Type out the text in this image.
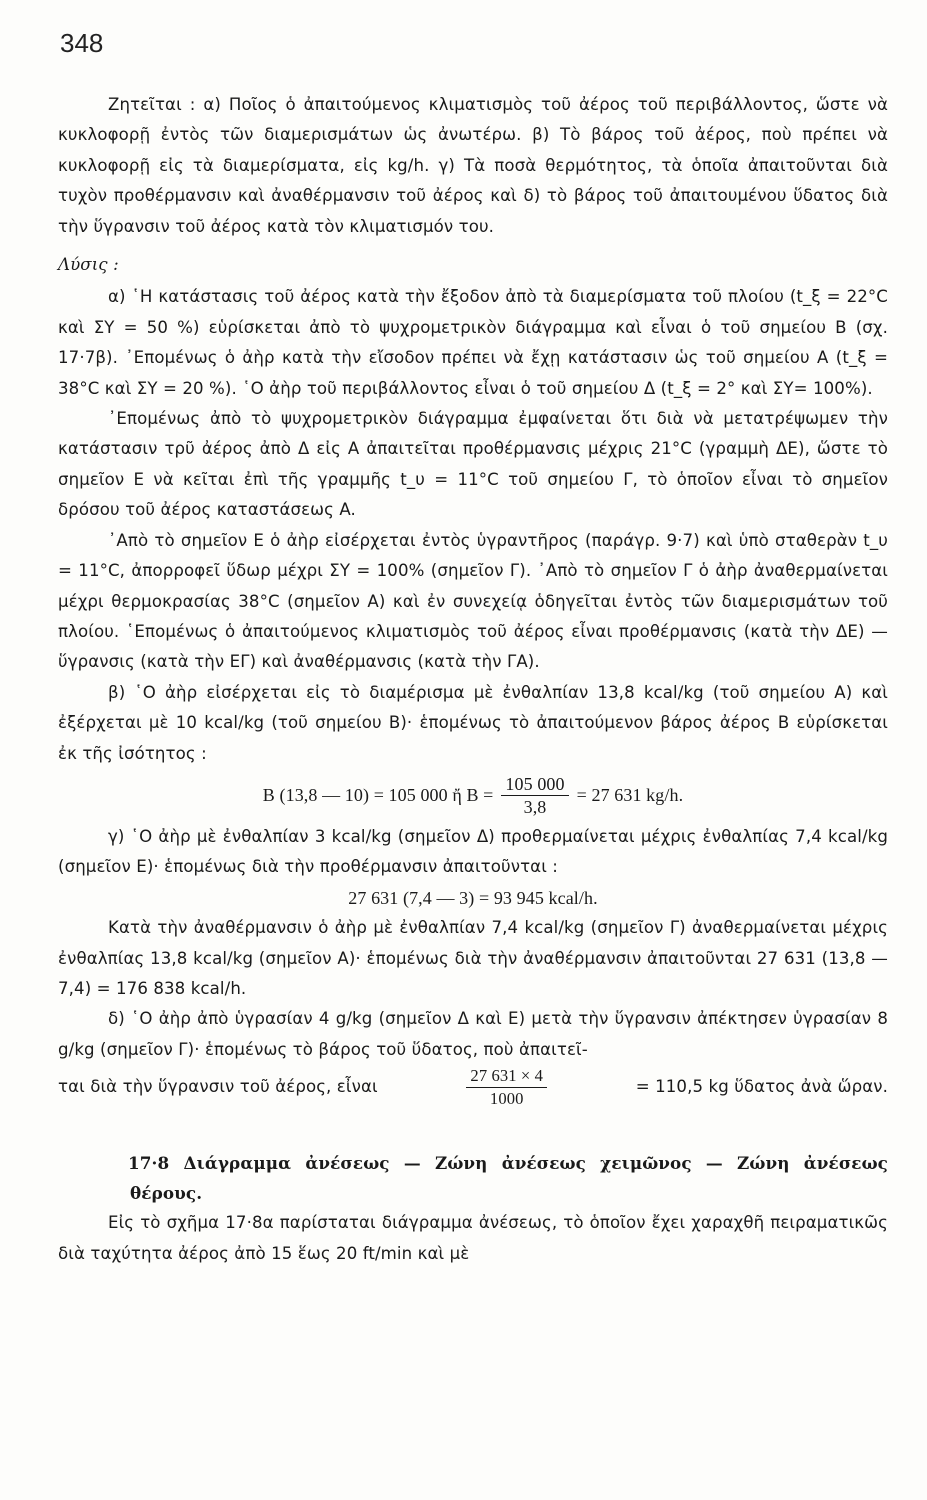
348

Ζητεῖται : α) Ποῖος ὁ ἀπαιτούμενος κλιματισμὸς τοῦ ἀέρος τοῦ περιβάλλοντος, ὥστε νὰ κυκλοφορῇ ἐντὸς τῶν διαμερισμάτων ὡς ἀνωτέρω. β) Τὸ βάρος τοῦ ἀέρος, ποὺ πρέπει νὰ κυκλοφορῇ εἰς τὰ διαμερίσματα, εἰς kg/h. γ) Τὰ ποσὰ θερμότητος, τὰ ὁποῖα ἀπαιτοῦνται διὰ τυχὸν προθέρμανσιν καὶ ἀναθέρμανσιν τοῦ ἀέρος καὶ δ) τὸ βάρος τοῦ ἀπαιτουμένου ὕδατος διὰ τὴν ὕγρανσιν τοῦ ἀέρος κατὰ τὸν κλιματισμόν του.

Λύσις :

α) ῾Η κατάστασις τοῦ ἀέρος κατὰ τὴν ἔξοδον ἀπὸ τὰ διαμερίσματα τοῦ πλοίου (t_ξ = 22°C καὶ ΣΥ = 50 %) εὑρίσκεται ἀπὸ τὸ ψυχρομετρικὸν διάγραμμα καὶ εἶναι ὁ τοῦ σημείου B (σχ. 17·7β). ᾿Επομένως ὁ ἀὴρ κατὰ τὴν εἴσοδον πρέπει νὰ ἔχῃ κατάστασιν ὡς τοῦ σημείου A (t_ξ = 38°C καὶ ΣΥ = 20 %). ῾Ο ἀὴρ τοῦ περιβάλλοντος εἶναι ὁ τοῦ σημείου Δ (t_ξ = 2° καὶ ΣΥ= 100%).

᾿Επομένως ἀπὸ τὸ ψυχρομετρικὸν διάγραμμα ἐμφαίνεται ὅτι διὰ νὰ μετατρέψωμεν τὴν κατάστασιν τρῦ ἀέρος ἀπὸ Δ εἰς A ἀπαιτεῖται προθέρμανσις μέχρις 21°C (γραμμὴ ΔΕ), ὥστε τὸ σημεῖον E νὰ κεῖται ἐπὶ τῆς γραμμῆς t_υ = 11°C τοῦ σημείου Γ, τὸ ὁποῖον εἶναι τὸ σημεῖον δρόσου τοῦ ἀέρος καταστάσεως A.

᾿Απὸ τὸ σημεῖον E ὁ ἀὴρ εἰσέρχεται ἐντὸς ὑγραντῆρος (παράγρ. 9·7) καὶ ὑπὸ σταθερὰν t_υ = 11°C, ἀπορροφεῖ ὕδωρ μέχρι ΣΥ = 100% (σημεῖον Γ). ᾿Απὸ τὸ σημεῖον Γ ὁ ἀὴρ ἀναθερμαίνεται μέχρι θερμοκρασίας 38°C (σημεῖον A) καὶ ἐν συνεχείᾳ ὁδηγεῖται ἐντὸς τῶν διαμερισμάτων τοῦ πλοίου. ῾Επομένως ὁ ἀπαιτούμενος κλιματισμὸς τοῦ ἀέρος εἶναι προθέρμανσις (κατὰ τὴν ΔΕ) — ὕγρανσις (κατὰ τὴν ΕΓ) καὶ ἀναθέρμανσις (κατὰ τὴν ΓΑ).

β) ῾Ο ἀὴρ εἰσέρχεται εἰς τὸ διαμέρισμα μὲ ἐνθαλπίαν 13,8 kcal/kg (τοῦ σημείου A) καὶ ἐξέρχεται μὲ 10 kcal/kg (τοῦ σημείου B)· ἑπομένως τὸ ἀπαιτούμενον βάρος ἀέρος B εὑρίσκεται ἐκ τῆς ἰσότητος :

B (13,8 — 10) = 105 000 ἤ $B = \frac{105 000}{3,8} = 27$ 631 kg/h.

γ) ῾Ο ἀὴρ μὲ ἐνθαλπίαν 3 kcal/kg (σημεῖον Δ) προθερμαίνεται μέχρις ἐνθαλπίας 7,4 kcal/kg (σημεῖον E)· ἑπομένως διὰ τὴν προθέρμανσιν ἀπαιτοῦνται :

27 631 (7,4 — 3) = 93 945 kcal/h.

Κατὰ τὴν ἀναθέρμανσιν ὁ ἀὴρ μὲ ἐνθαλπίαν 7,4 kcal/kg (σημεῖον Γ) ἀναθερμαίνεται μέχρις ἐνθαλπίας 13,8 kcal/kg (σημεῖον A)· ἑπομένως διὰ τὴν ἀναθέρμανσιν ἀπαιτοῦνται 27 631 (13,8 — 7,4) = 176 838 kcal/h.

δ) ῾Ο ἀὴρ ἀπὸ ὑγρασίαν 4 g/kg (σημεῖον Δ καὶ E) μετὰ τὴν ὕγρανσιν ἀπέκτησεν ὑγρασίαν 8 g/kg (σημεῖον Γ)· ἑπομένως τὸ βάρος τοῦ ὕδατος, ποὺ ἀπαιτεῖ-

ται διὰ τὴν ὕγρανσιν τοῦ ἀέρος, εἶναι	$\frac{27 631 \times 4}{1000}$	= 110,5 kg ὕδατος ἀνὰ ὥραν.

17·8 Διάγραμμα ἀνέσεως — Ζώνη ἀνέσεως χειμῶνος — Ζώνη ἀνέσεως θέρους.

Εἰς τὸ σχῆμα 17·8α παρίσταται διάγραμμα ἀνέσεως, τὸ ὁποῖον ἔχει χαραχθῆ πειραματικῶς διὰ ταχύτητα ἀέρος ἀπὸ 15 ἕως 20 ft/min καὶ μὲ
